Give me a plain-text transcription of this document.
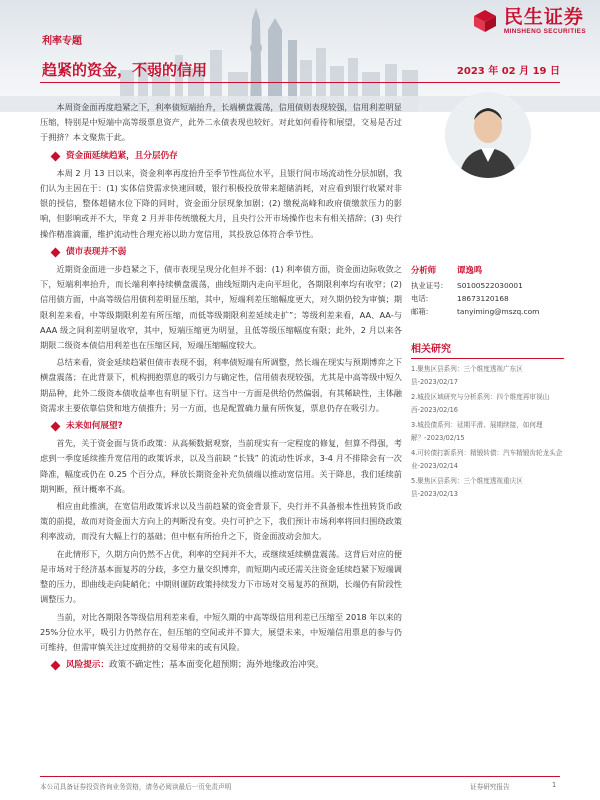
民生证券
MINSHENG SECURITIES
利率专题
趋紧的资金，不弱的信用	2023 年 02 月 19 日

本周资金面再度趋紧之下，利率债短端抬升，长端横盘震荡，信用债则表现较强，信用利差明显压缩，特别是中短端中高等级票息资产，此外二永债表现也较好。对此如何看待和展望，交易是否过于拥挤？本文聚焦于此。

资金面延续趋紧，且分层仍存

本周 2 月 13 日以来，资金利率再度抬升至季节性高位水平，且银行间市场流动性分层加剧，我们认为主因在于：(1) 实体信贷需求快速回暖，银行积极投放带来超储消耗，对应看到银行收紧对非银的授信，整体超储水位下降的同时，资金面分层现象加剧；(2) 缴税高峰和政府债缴款压力的影响，但影响或并不大，毕竟 2 月并非传统缴税大月，且央行公开市场操作也未有相关措辞；(3) 央行操作精准滴灌，维护流动性合理充裕以助力宽信用，其投放总体符合季节性。

债市表现并不弱

近期资金面进一步趋紧之下，债市表现呈现分化但并不弱：(1) 利率债方面，资金面边际收敛之下，短端利率抬升，而长端利率持续横盘震荡，曲线短期内走向平坦化，各期限利率均有收窄；(2) 信用债方面，中高等级信用债利差明显压缩，其中，短端利差压缩幅度更大，对久期仍较为审慎；期限利差来看，中等级期限利差有所压缩，而低等级期限利差延续走扩”；等级利差来看，AA、AA-与 AAA 级之间利差明显收窄，其中，短端压缩更为明显，且低等级压缩幅度有限；此外，2 月以来各期限二级资本债信用利差也在压缩区间，短端压缩幅度较大。

总结来看，资金延续趋紧但债市表现不弱，利率债短端有所调整，然长端在现实与预期博弈之下横盘震荡；在此背景下，机构拥抱票息的吸引力与确定性，信用债表现较强，尤其是中高等级中短久期品种，此外二级资本债收益率也有明显下行。这当中一方面是供给仍然偏弱，有其稀缺性，主体融资需求主要依靠信贷和地方债推升；另一方面，也是配置确力量有所恢复，票息仍存在吸引力。

未来如何展望?

首先，关于资金面与货币政策：从高频数据观察，当前现实有一定程度的修复，但算不得强，考虑到一季度延续推升宽信用的政策诉求，以及当前缺 “长钱” 的流动性诉求，3-4 月不排除会有一次降准，幅度或仍在 0.25 个百分点，释放长期资金补充负债端以推动宽信用。关于降息，我们延续前期判断，预计概率不高。

相应由此推演，在宽信用政策诉求以及当前趋紧的资金背景下，央行并不具备根本性扭转货币政策的前提，故而对资金面大方向上的判断没有变。央行可护之下，我们预计市场利率将回归围绕政策利率波动，而没有大幅上行的基础；但中枢有所抬升之下，资金面波动会加大。

在此情形下，久期方向仍然不占优，利率的空间并不大，或继续延续横盘震荡。这背后对应的便是市场对于经济基本面复苏的分歧，多空力量交织博弈，而短期内或还需关注资金延续趋紧下短端调整的压力，即曲线走向陡峭化；中期则谨防政策持续发力下市场对交易复苏的预期，长端仍有阶段性调整压力。

当前，对比各期限各等级信用利差来看，中短久期的中高等级信用利差已压缩至 2018 年以来的 25%分位水平，吸引力仍然存在，但压缩的空间或并不算大，展望未来，中短端信用票息的参与仍可维持，但需审慎关注过度拥挤的交易带来的或有风险。

风险提示： 政策不确定性；基本面变化超预期；海外地缘政治冲突。
分析师	谭逸鸣
执业证号:	S0100522030001
电话:	18673120168
邮箱:	tanyiming@mszq.com
相关研究
1.聚焦区县系列：三个维度透视广东区县-2023/02/17
2.城投区域研究与分析系列：四个维度再审视山西-2023/02/16
3.城投债系列：延期平滑、展期续接，如何理解？-2023/02/15
4.可转债打新系列：精锻转债：汽车精锻齿轮龙头企业-2023/02/14
5.聚焦区县系列：三个维度透视重庆区县-2023/02/13
本公司具备证券投资咨询业务资格，请务必阅读最后一页免责声明	证券研究报告	1
